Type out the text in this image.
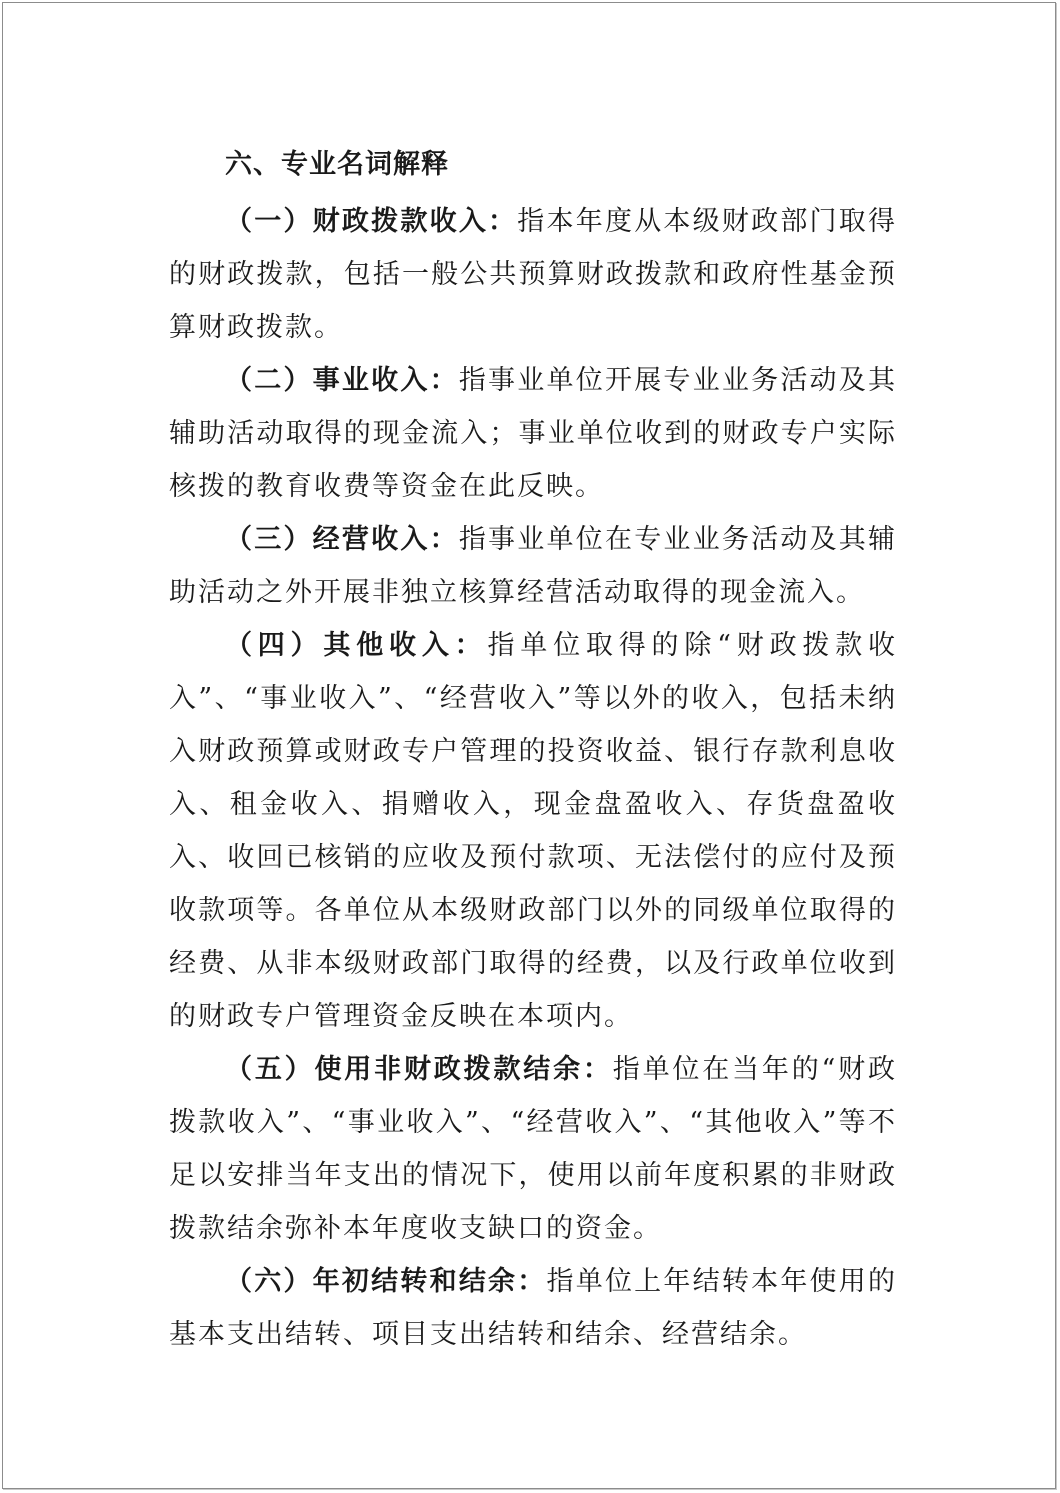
六、专业名词解释

（一）财政拨款收入：指本年度从本级财政部门取得的财政拨款，包括一般公共预算财政拨款和政府性基金预算财政拨款。

（二）事业收入：指事业单位开展专业业务活动及其辅助活动取得的现金流入；事业单位收到的财政专户实际核拨的教育收费等资金在此反映。

（三）经营收入：指事业单位在专业业务活动及其辅助活动之外开展非独立核算经营活动取得的现金流入。

（四）其他收入：指单位取得的除“财政拨款收入”、“事业收入”、“经营收入”等以外的收入，包括未纳入财政预算或财政专户管理的投资收益、银行存款利息收入、租金收入、捐赠收入，现金盘盈收入、存货盘盈收入、收回已核销的应收及预付款项、无法偿付的应付及预收款项等。各单位从本级财政部门以外的同级单位取得的经费、从非本级财政部门取得的经费，以及行政单位收到的财政专户管理资金反映在本项内。

（五）使用非财政拨款结余：指单位在当年的“财政拨款收入”、“事业收入”、“经营收入”、“其他收入”等不足以安排当年支出的情况下，使用以前年度积累的非财政拨款结余弥补本年度收支缺口的资金。

（六）年初结转和结余：指单位上年结转本年使用的基本支出结转、项目支出结转和结余、经营结余。
